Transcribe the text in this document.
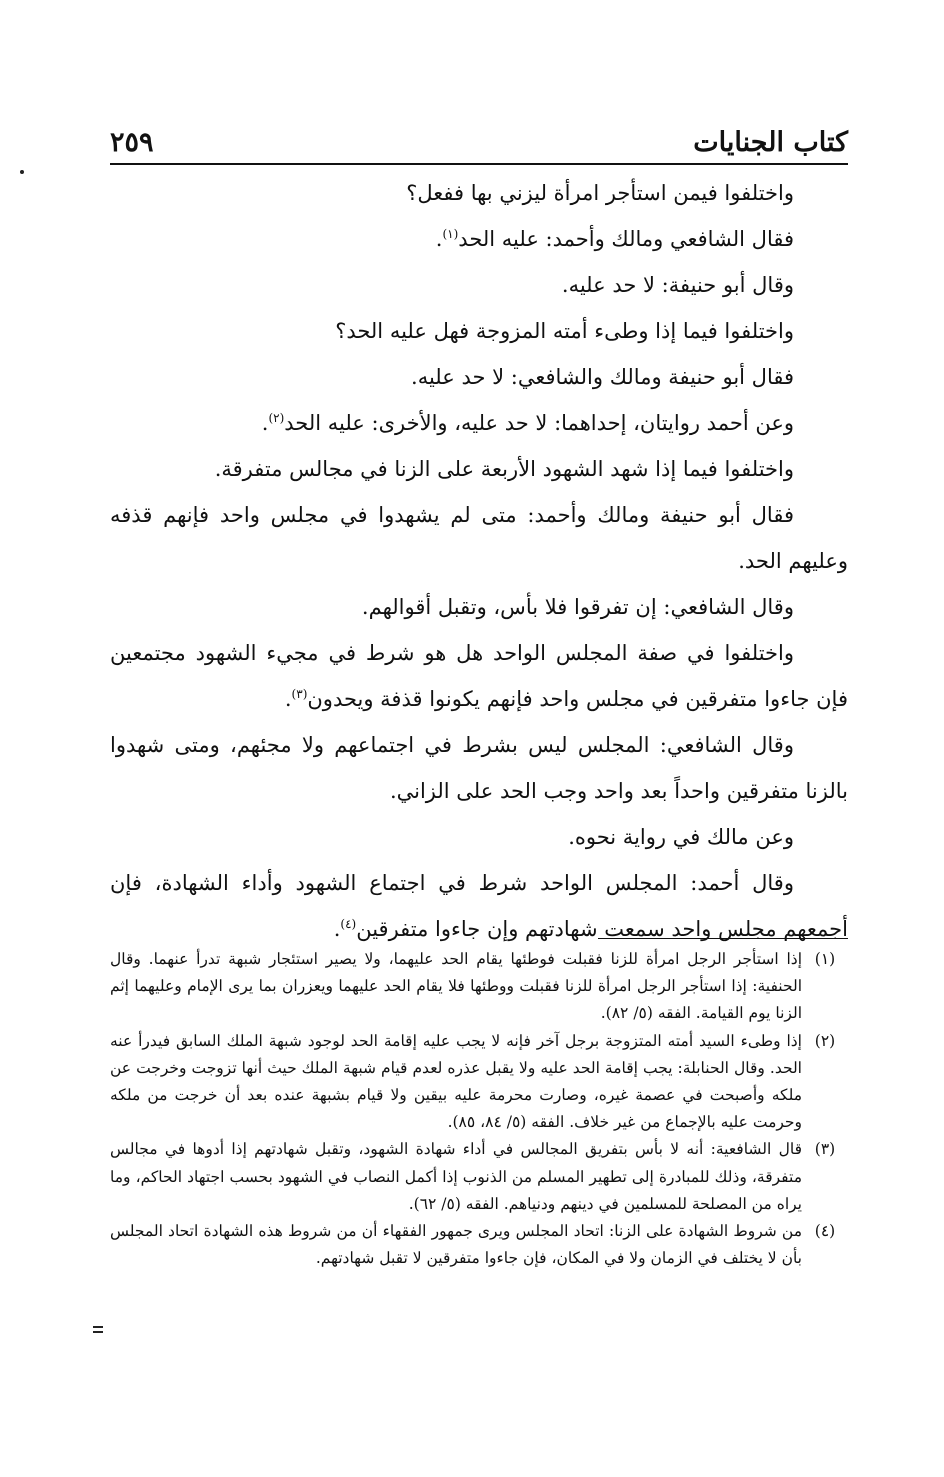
كتاب الجنايات
٢٥٩

واختلفوا فيمن استأجر امرأة ليزني بها ففعل؟

فقال الشافعي ومالك وأحمد: عليه الحد$^{(١)}$.

وقال أبو حنيفة: لا حد عليه.

واختلفوا فيما إذا وطىء أمته المزوجة فهل عليه الحد؟

فقال أبو حنيفة ومالك والشافعي: لا حد عليه.

وعن أحمد روايتان، إحداهما: لا حد عليه، والأخرى: عليه الحد$^{(٢)}$.

واختلفوا فيما إذا شهد الشهود الأربعة على الزنا في مجالس متفرقة.

فقال أبو حنيفة ومالك وأحمد: متى لم يشهدوا في مجلس واحد فإنهم قذفه وعليهم الحد.

وقال الشافعي: إن تفرقوا فلا بأس، وتقبل أقوالهم.

واختلفوا في صفة المجلس الواحد هل هو شرط في مجيء الشهود مجتمعين فإن جاءوا متفرقين في مجلس واحد فإنهم يكونوا قذفة ويحدون$^{(٣)}$.

وقال الشافعي: المجلس ليس بشرط في اجتماعهم ولا مجئهم، ومتى شهدوا بالزنا متفرقين واحداً بعد واحد وجب الحد على الزاني.

وعن مالك في رواية نحوه.

وقال أحمد: المجلس الواحد شرط في اجتماع الشهود وأداء الشهادة، فإن أجمعهم مجلس واحد سمعت شهادتهم وإن جاءوا متفرقين$^{(٤)}$.

(١)
إذا استأجر الرجل امرأة للزنا فقبلت فوطئها يقام الحد عليهما، ولا يصير استئجار شبهة تدرأ عنهما. وقال الحنفية: إذا استأجر الرجل امرأة للزنا فقبلت ووطئها فلا يقام الحد عليهما ويعزران بما يرى الإمام وعليهما إثم الزنا يوم القيامة. الفقه (٥/ ٨٢).
(٢)
إذا وطىء السيد أمته المتزوجة برجل آخر فإنه لا يجب عليه إقامة الحد لوجود شبهة الملك السابق فيدرأ عنه الحد. وقال الحنابلة: يجب إقامة الحد عليه ولا يقبل عذره لعدم قيام شبهة الملك حيث أنها تزوجت وخرجت عن ملكه وأصبحت في عصمة غيره، وصارت محرمة عليه بيقين ولا قيام بشبهة عنده بعد أن خرجت من ملكه وحرمت عليه بالإجماع من غير خلاف. الفقه (٥/ ٨٤، ٨٥).
(٣)
قال الشافعية: أنه لا بأس بتفريق المجالس في أداء شهادة الشهود، وتقبل شهادتهم إذا أدوها في مجالس متفرقة، وذلك للمبادرة إلى تطهير المسلم من الذنوب إذا أكمل النصاب في الشهود بحسب اجتهاد الحاكم، وما يراه من المصلحة للمسلمين في دينهم ودنياهم. الفقه (٥/ ٦٢).
(٤)
من شروط الشهادة على الزنا: اتحاد المجلس ويرى جمهور الفقهاء أن من شروط هذه الشهادة اتحاد المجلس بأن لا يختلف في الزمان ولا في المكان، فإن جاءوا متفرقين لا تقبل شهادتهم.
